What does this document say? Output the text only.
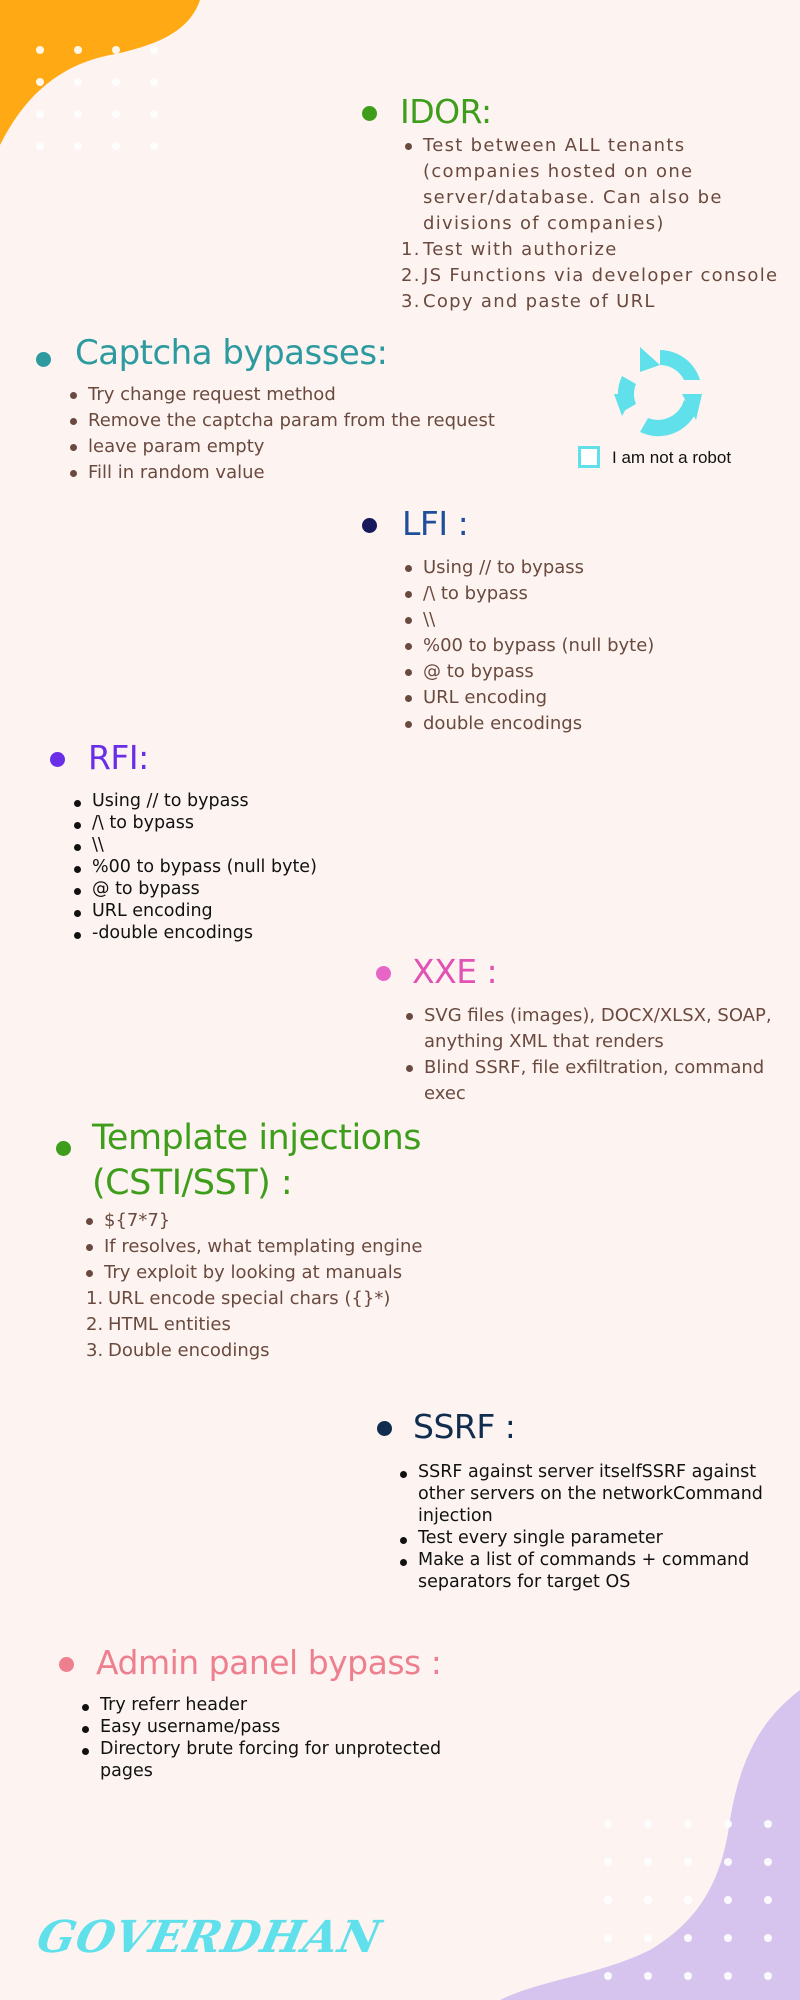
IDOR:
Test between ALL tenants (companies hosted on one server/database. Can also be divisions of companies)
1. Test with authorize
2. JS Functions via developer console
3. Copy and paste of URL
Captcha bypasses:
Try change request method
Remove the captcha param from the request
leave param empty
Fill in random value
I am not a robot
LFI :
Using // to bypass
/\ to bypass
\\
%00 to bypass (null byte)
@ to bypass
URL encoding
double encodings
RFI:
Using // to bypass
/\ to bypass
\\
%00 to bypass (null byte)
@ to bypass
URL encoding
-double encodings
XXE :
SVG files (images), DOCX/XLSX, SOAP, anything XML that renders
Blind SSRF, file exfiltration, command exec
Template injections
(CSTI/SST) :
${7*7}
If resolves, what templating engine
Try exploit by looking at manuals
1. URL encode special chars ({}*)
2. HTML entities
3. Double encodings
SSRF :
SSRF against server itselfSSRF against other servers on the networkCommand injection
Test every single parameter
Make a list of commands + command separators for target OS
Admin panel bypass :
Try referr header
Easy username/pass
Directory brute forcing for unprotected pages
GOVERDHAN
